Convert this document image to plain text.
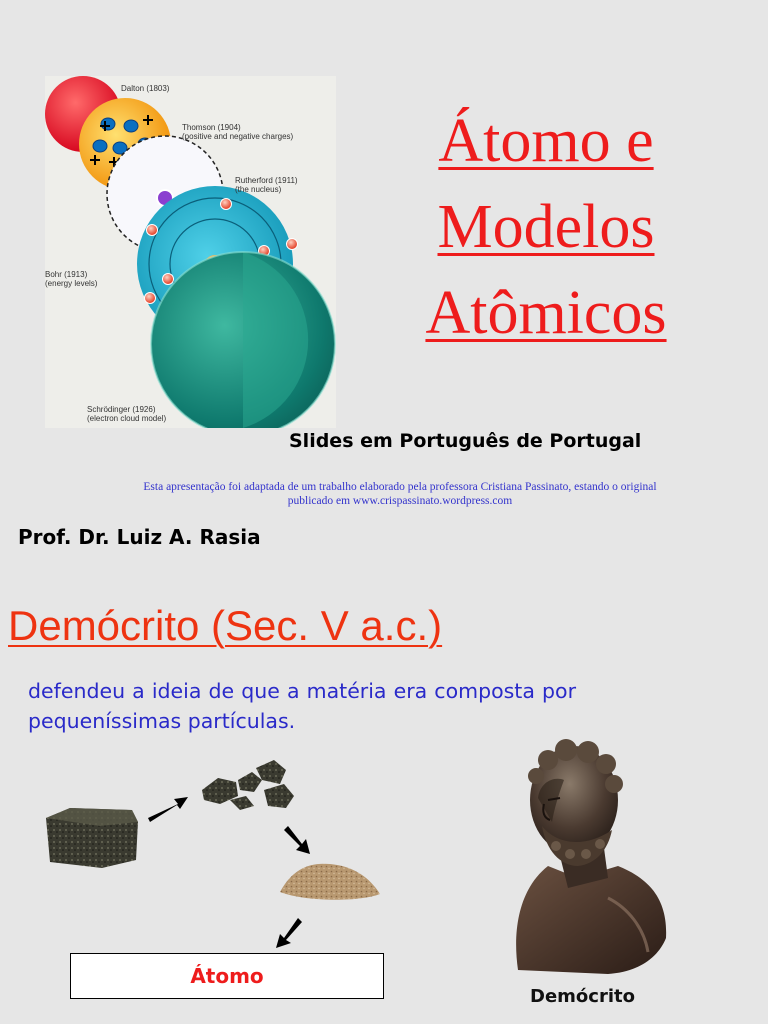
Dalton (1803)
Thomson (1904)
(positive and negative charges)
Rutherford (1911)
(the nucleus)
Bohr (1913)
(energy levels)
Schrödinger (1926)
(electron cloud model)
Átomo e
Modelos
Atômicos
Slides em Português de Portugal
Esta apresentação foi adaptada de um trabalho elaborado pela professora Cristiana Passinato, estando o original
publicado em www.crispassinato.wordpress.com
Prof. Dr. Luiz A. Rasia
Demócrito (Sec. V a.c.)
defendeu a ideia de que a matéria era composta por pequeníssimas partículas.
Átomo
Demócrito
